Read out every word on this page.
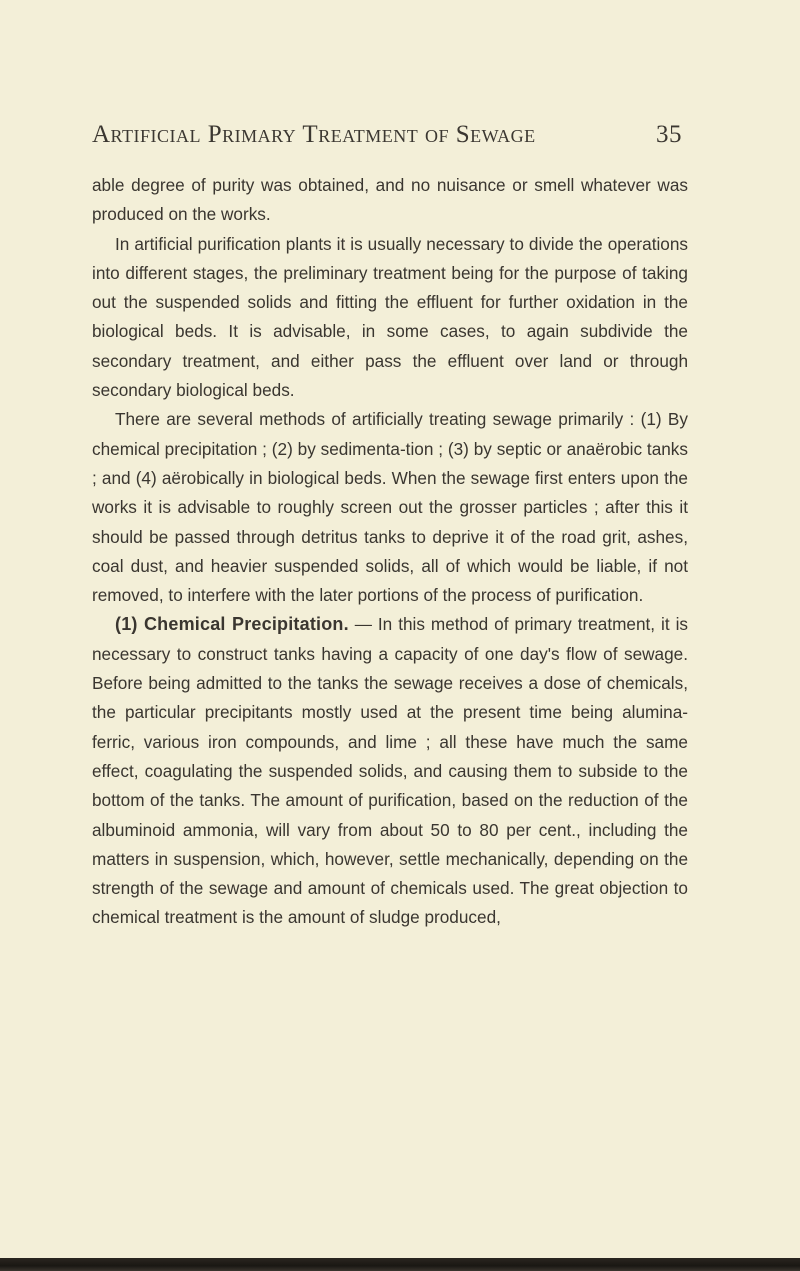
Artificial Primary Treatment of Sewage	35

able degree of purity was obtained, and no nuisance or smell whatever was produced on the works.

In artificial purification plants it is usually necessary to divide the operations into different stages, the preliminary treatment being for the purpose of taking out the suspended solids and fitting the effluent for further oxidation in the biological beds. It is advisable, in some cases, to again subdivide the secondary treatment, and either pass the effluent over land or through secondary biological beds.

There are several methods of artificially treating sewage primarily : (1) By chemical precipitation ; (2) by sedimenta-tion ; (3) by septic or anaërobic tanks ; and (4) aërobically in biological beds. When the sewage first enters upon the works it is advisable to roughly screen out the grosser particles ; after this it should be passed through detritus tanks to deprive it of the road grit, ashes, coal dust, and heavier suspended solids, all of which would be liable, if not removed, to interfere with the later portions of the process of purification.

(1) Chemical Precipitation. — In this method of primary treatment, it is necessary to construct tanks having a capacity of one day's flow of sewage. Before being admitted to the tanks the sewage receives a dose of chemicals, the particular precipitants mostly used at the present time being alumina-ferric, various iron compounds, and lime ; all these have much the same effect, coagulating the suspended solids, and causing them to subside to the bottom of the tanks. The amount of purification, based on the reduction of the albuminoid ammonia, will vary from about 50 to 80 per cent., including the matters in suspension, which, however, settle mechanically, depending on the strength of the sewage and amount of chemicals used. The great objection to chemical treatment is the amount of sludge produced,
